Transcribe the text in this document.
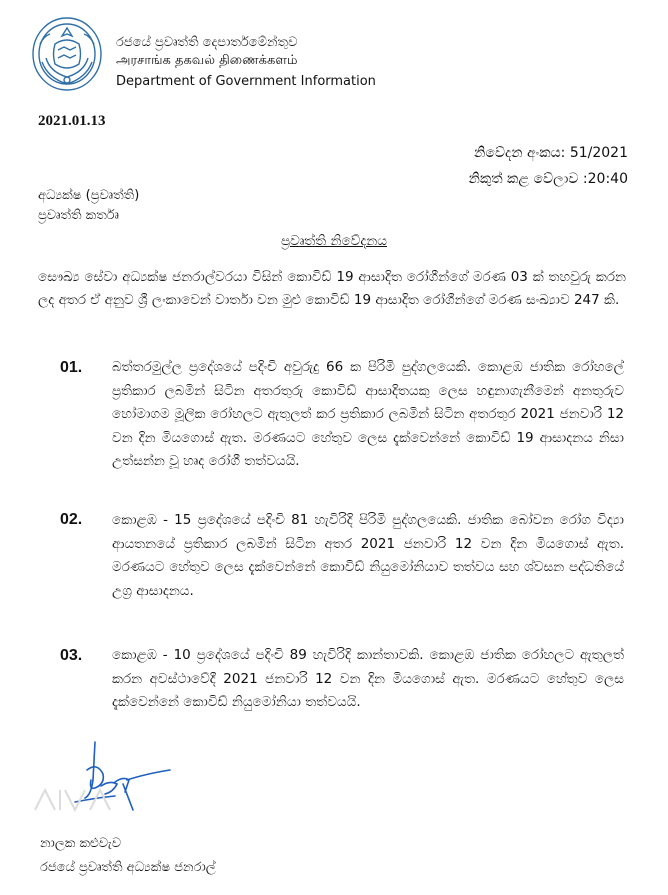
රජයේ ප්‍රවෘත්ති දෙපාර්තමේන්තුව
அரசாங்க தகவல் திணைக்களம்
Department of Government Information
2021.01.13
නිවේදන අංකය: 51/2021
නිකුත් කළ වේලාව :20:40
අධ්‍යක්ෂ (ප්‍රවෘත්ති)
ප්‍රවෘත්ති කර්තෘ
ප්‍රවෘත්ති නිවේදනය
සෞඛ්‍ය සේවා අධ්‍යක්ෂ ජනරාල්වරයා විසින් කොවිඩ් 19 ආසාදිත රෝගීන්ගේ මරණ 03 ක් තහවුරු කරන ලද අතර ඒ අනුව ශ්‍රී ලංකාවෙන් වාර්තා වන මුළු කොවිඩ් 19 ආසාදිත රෝගීන්ගේ මරණ සංඛ්‍යාව 247 කි.
01. බත්තරමුල්ල ප්‍රදේශයේ පදිංචි අවුරුදු 66 ක පිරිමි පුද්ගලයෙකි. කොළඹ ජාතික රෝහලේ ප්‍රතිකාර ලබමින් සිටින අතරතුරු කොවිඩ් ආසාදිතයකු ලෙස හඳුනාගැනීමෙන් අනතුරුව හෝමාගම මූලික රෝහලට ඇතුලත් කර ප්‍රතිකාර ලබමින් සිටින අතරතුර 2021 ජනවාරි 12 වන දින මියගොස් ඇත. මරණයට හේතුව ලෙස දැක්වෙන්නේ කොවිඩ් 19 ආසාදනය නිසා උත්සන්න වූ හෘද රෝගී තත්වයයි.
02. කොළඹ - 15 ප්‍රදේශයේ පදිංචි 81 හැවිරිදි පිරිමි පුද්ගලයෙකි. ජාතික බෝවන රෝග විද්‍යා ආයතනයේ ප්‍රතිකාර ලබමින් සිටින අතර 2021 ජනවාරි 12 වන දින මියගොස් ඇත. මරණයට හේතුව ලෙස දැක්වෙන්නේ කොවිඩ් නියුමෝනියාව තත්වය සහ ශ්වසන පද්ධතියේ උග්‍ර ආසාදනය.
03. කොළඹ - 10 ප්‍රදේශයේ පදිංචි 89 හැවිරිදි කාන්තාවකි. කොළඹ ජාතික රෝහලට ඇතුලත් කරන අවස්ථාවේදී 2021 ජනවාරි 12 වන දින මියගොස් ඇත. මරණයට හේතුව ලෙස දැක්වෙන්නේ කොවිඩ් නියුමෝනියා තත්වයයි.
නාලක කළුවැව
රජයේ ප්‍රවෘත්ති අධ්‍යක්ෂ ජනරාල්
